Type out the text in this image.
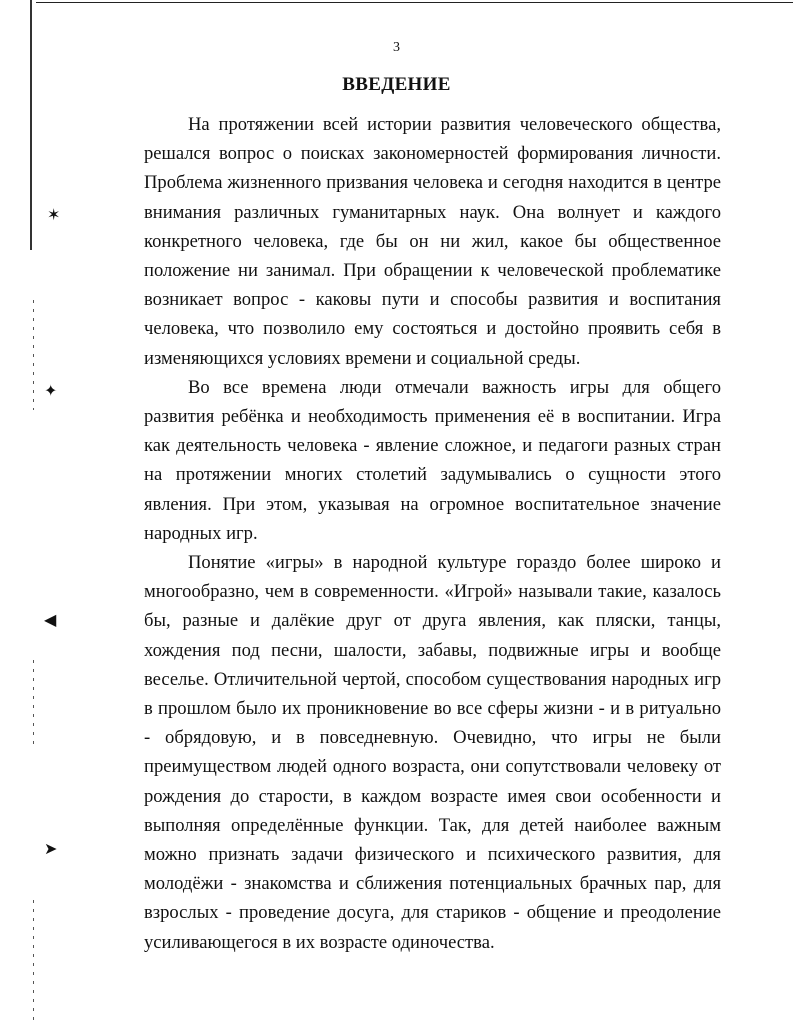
✶
✦
◀
➤
3
ВВЕДЕНИЕ

На протяжении всей истории развития человеческого общества, решался вопрос о поисках закономерностей формирования личности. Проблема жизненного призвания человека и сегодня находится в центре внимания различных гуманитарных наук. Она волнует и каждого конкретного человека, где бы он ни жил, какое бы общественное положение ни занимал. При обращении к человеческой проблематике возникает вопрос - каковы пути и способы развития и воспитания человека, что позволило ему состояться и достойно проявить себя в изменяющихся условиях времени и социальной среды.

Во все времена люди отмечали важность игры для общего развития ребёнка и необходимость применения её в воспитании. Игра как деятельность человека - явление сложное, и педагоги разных стран на протяжении многих столетий задумывались о сущности этого явления. При этом, указывая на огромное воспитательное значение народных игр.

Понятие «игры» в народной культуре гораздо более широко и многообразно, чем в современности. «Игрой» называли такие, казалось бы, разные и далёкие друг от друга явления, как пляски, танцы, хождения под песни, шалости, забавы, подвижные игры и вообще веселье. Отличительной чертой, способом существования народных игр в прошлом было их проникновение во все сферы жизни - и в ритуально - обрядовую, и в повседневную. Очевидно, что игры не были преимуществом людей одного возраста, они сопутствовали человеку от рождения до старости, в каждом возрасте имея свои особенности и выполняя определённые функции. Так, для детей наиболее важным можно признать задачи физического и психического развития, для молодёжи - знакомства и сближения потенциальных брачных пар, для взрослых - проведение досуга, для стариков - общение и преодоление усиливающегося в их возрасте одиночества.
